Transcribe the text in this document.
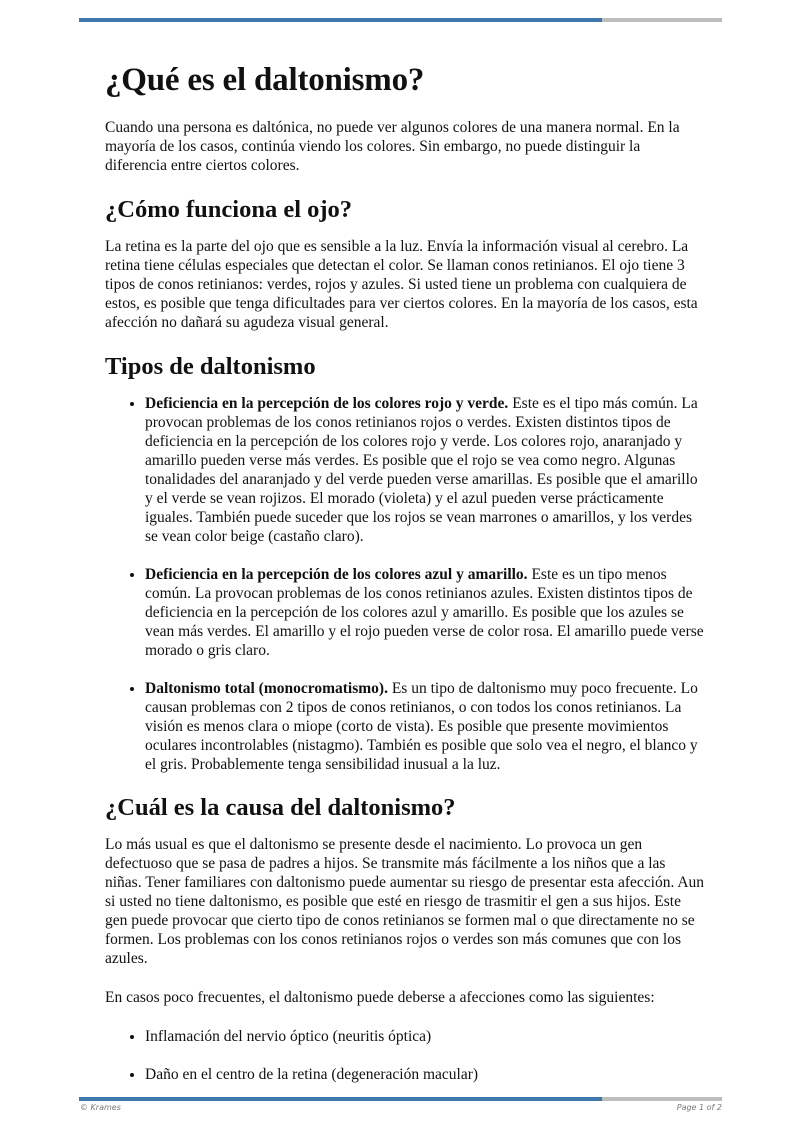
¿Qué es el daltonismo?

Cuando una persona es daltónica, no puede ver algunos colores de una manera normal. En la mayoría de los casos, continúa viendo los colores. Sin embargo, no puede distinguir la diferencia entre ciertos colores.

¿Cómo funciona el ojo?

La retina es la parte del ojo que es sensible a la luz. Envía la información visual al cerebro. La retina tiene células especiales que detectan el color. Se llaman conos retinianos. El ojo tiene 3 tipos de conos retinianos: verdes, rojos y azules. Si usted tiene un problema con cualquiera de estos, es posible que tenga dificultades para ver ciertos colores. En la mayoría de los casos, esta afección no dañará su agudeza visual general.

Tipos de daltonismo
• Deficiencia en la percepción de los colores rojo y verde. Este es el tipo más común. La provocan problemas de los conos retinianos rojos o verdes. Existen distintos tipos de deficiencia en la percepción de los colores rojo y verde. Los colores rojo, anaranjado y amarillo pueden verse más verdes. Es posible que el rojo se vea como negro. Algunas tonalidades del anaranjado y del verde pueden verse amarillas. Es posible que el amarillo y el verde se vean rojizos. El morado (violeta) y el azul pueden verse prácticamente iguales. También puede suceder que los rojos se vean marrones o amarillos, y los verdes se vean color beige (castaño claro).
• Deficiencia en la percepción de los colores azul y amarillo. Este es un tipo menos común. La provocan problemas de los conos retinianos azules. Existen distintos tipos de deficiencia en la percepción de los colores azul y amarillo. Es posible que los azules se vean más verdes. El amarillo y el rojo pueden verse de color rosa. El amarillo puede verse morado o gris claro.
• Daltonismo total (monocromatismo). Es un tipo de daltonismo muy poco frecuente. Lo causan problemas con 2 tipos de conos retinianos, o con todos los conos retinianos. La visión es menos clara o miope (corto de vista). Es posible que presente movimientos oculares incontrolables (nistagmo). También es posible que solo vea el negro, el blanco y el gris. Probablemente tenga sensibilidad inusual a la luz.
¿Cuál es la causa del daltonismo?

Lo más usual es que el daltonismo se presente desde el nacimiento. Lo provoca un gen defectuoso que se pasa de padres a hijos. Se transmite más fácilmente a los niños que a las niñas. Tener familiares con daltonismo puede aumentar su riesgo de presentar esta afección. Aun si usted no tiene daltonismo, es posible que esté en riesgo de trasmitir el gen a sus hijos. Este gen puede provocar que cierto tipo de conos retinianos se formen mal o que directamente no se formen. Los problemas con los conos retinianos rojos o verdes son más comunes que con los azules.

En casos poco frecuentes, el daltonismo puede deberse a afecciones como las siguientes:

• Inflamación del nervio óptico (neuritis óptica)
• Daño en el centro de la retina (degeneración macular)
© Krames	Page 1 of 2
